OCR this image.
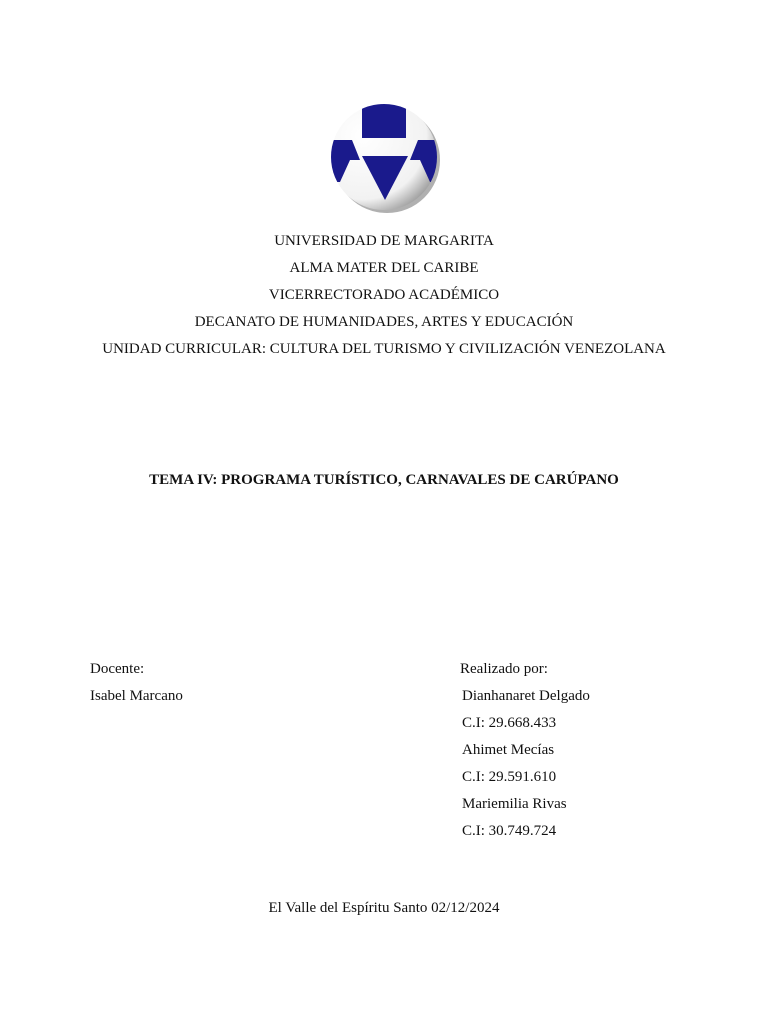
UNIVERSIDAD DE MARGARITA
ALMA MATER DEL CARIBE
VICERRECTORADO ACADÉMICO
DECANATO DE HUMANIDADES, ARTES Y EDUCACIÓN
UNIDAD CURRICULAR: CULTURA DEL TURISMO Y CIVILIZACIÓN VENEZOLANA
TEMA IV: PROGRAMA TURÍSTICO, CARNAVALES DE CARÚPANO
Docente:
Isabel Marcano
Realizado por:
Dianhanaret Delgado
C.I: 29.668.433
Ahimet Mecías
C.I: 29.591.610
Mariemilia Rivas
C.I: 30.749.724
El Valle del Espíritu Santo 02/12/2024
